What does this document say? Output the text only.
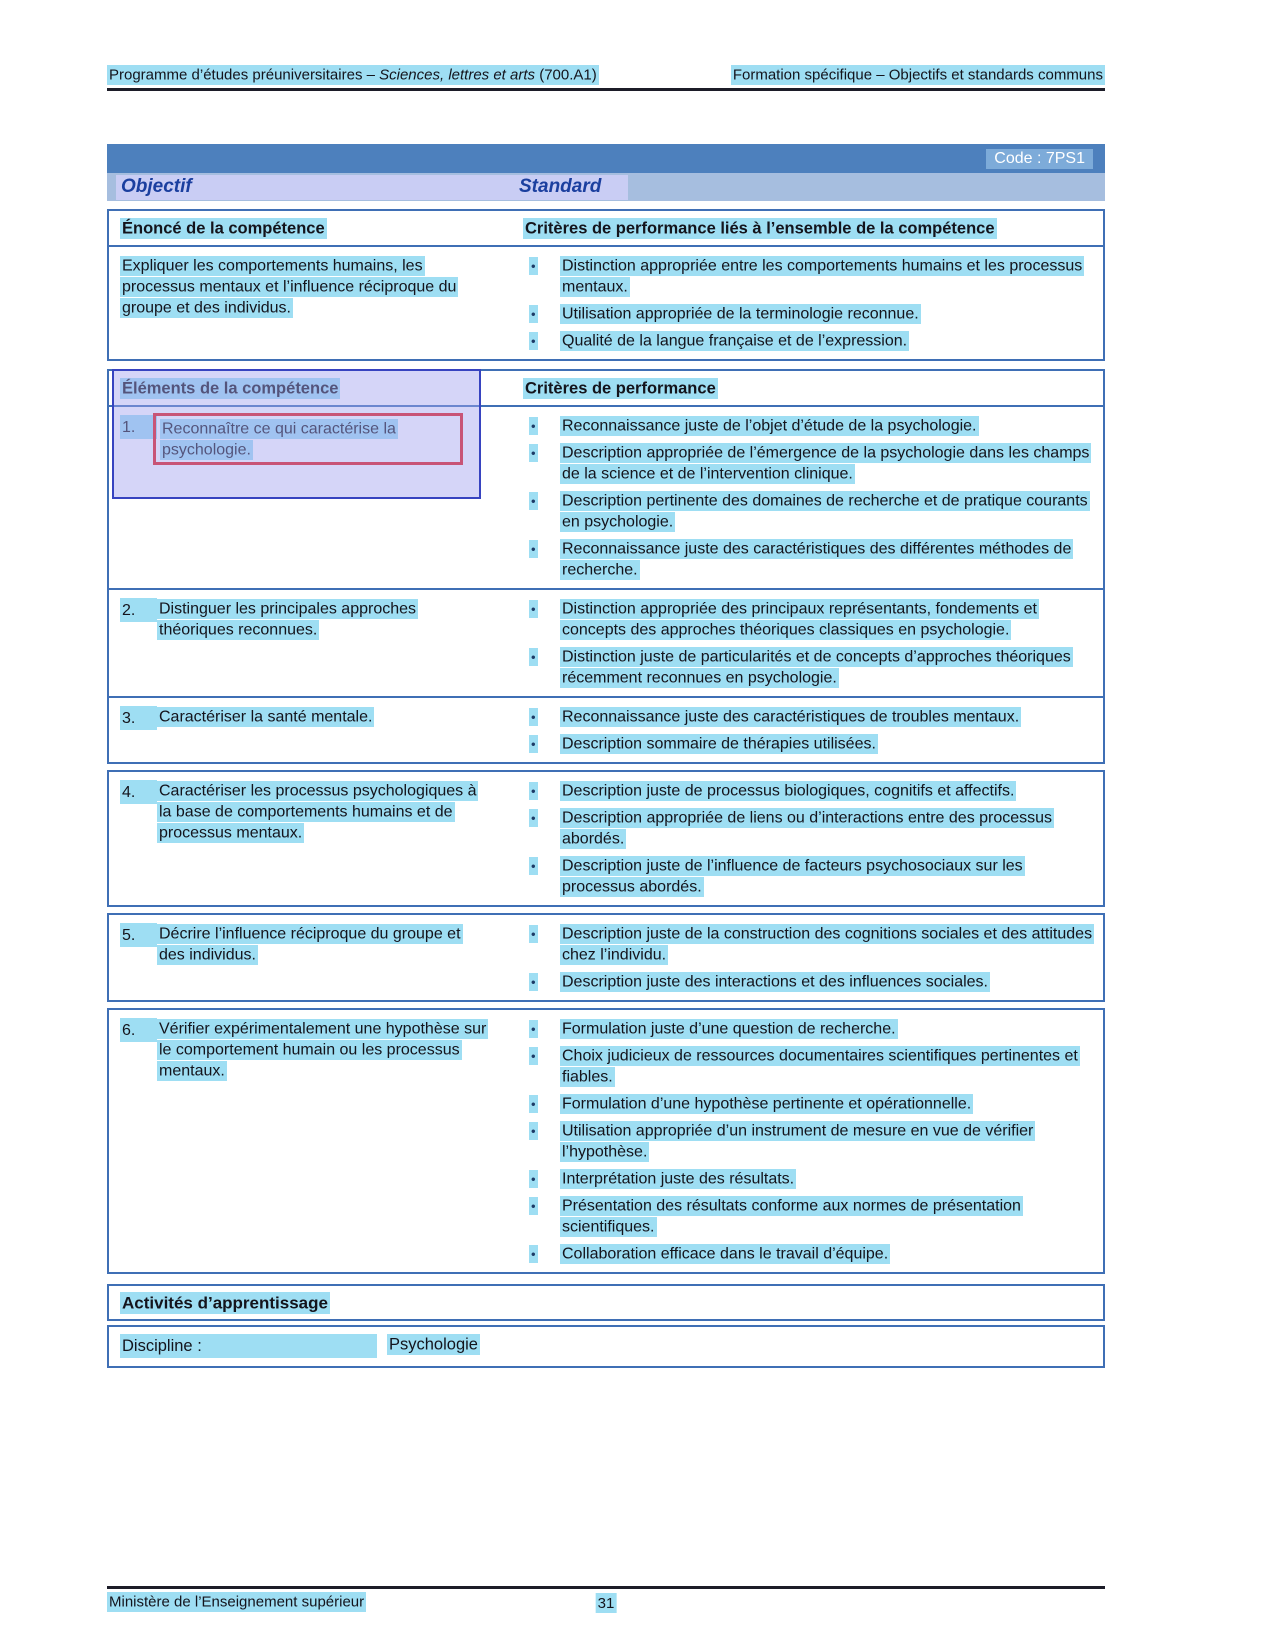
Programme d’études préuniversitaires – Sciences, lettres et arts (700.A1)	Formation spécifique – Objectifs et standards communs
Code : 7PS1
Objectif	Standard
Énoncé de la compétence	Critères de performance liés à l’ensemble de la compétence
Expliquer les comportements humains, les processus mentaux et l’influence réciproque du groupe et des individus.
•	Distinction appropriée entre les comportements humains et les processus mentaux.
•	Utilisation appropriée de la terminologie reconnue.
•	Qualité de la langue française et de l’expression.
Éléments de la compétence	Critères de performance
1.	Reconnaître ce qui caractérise la psychologie.
•	Reconnaissance juste de l’objet d’étude de la psychologie.
•	Description appropriée de l’émergence de la psychologie dans les champs de la science et de l’intervention clinique.
•	Description pertinente des domaines de recherche et de pratique courants en psychologie.
•	Reconnaissance juste des caractéristiques des différentes méthodes de recherche.
2.	Distinguer les principales approches théoriques reconnues.
•	Distinction appropriée des principaux représentants, fondements et concepts des approches théoriques classiques en psychologie.
•	Distinction juste de particularités et de concepts d’approches théoriques récemment reconnues en psychologie.
3.	Caractériser la santé mentale.	•	Reconnaissance juste des caractéristiques de troubles mentaux.
•	Description sommaire de thérapies utilisées.
4.	Caractériser les processus psychologiques à la base de comportements humains et de processus mentaux.
•	Description juste de processus biologiques, cognitifs et affectifs.
•	Description appropriée de liens ou d’interactions entre des processus abordés.
•	Description juste de l’influence de facteurs psychosociaux sur les processus abordés.
5.	Décrire l’influence réciproque du groupe et des individus.
•	Description juste de la construction des cognitions sociales et des attitudes chez l’individu.
•	Description juste des interactions et des influences sociales.
6.	Vérifier expérimentalement une hypothèse sur le comportement humain ou les processus mentaux.
•	Formulation juste d’une question de recherche.
•	Choix judicieux de ressources documentaires scientifiques pertinentes et fiables.
•	Formulation d’une hypothèse pertinente et opérationnelle.
•	Utilisation appropriée d’un instrument de mesure en vue de vérifier l’hypothèse.
•	Interprétation juste des résultats.
•	Présentation des résultats conforme aux normes de présentation scientifiques.
•	Collaboration efficace dans le travail d’équipe.
Activités d’apprentissage
Discipline :	Psychologie
Ministère de l’Enseignement supérieur	31
